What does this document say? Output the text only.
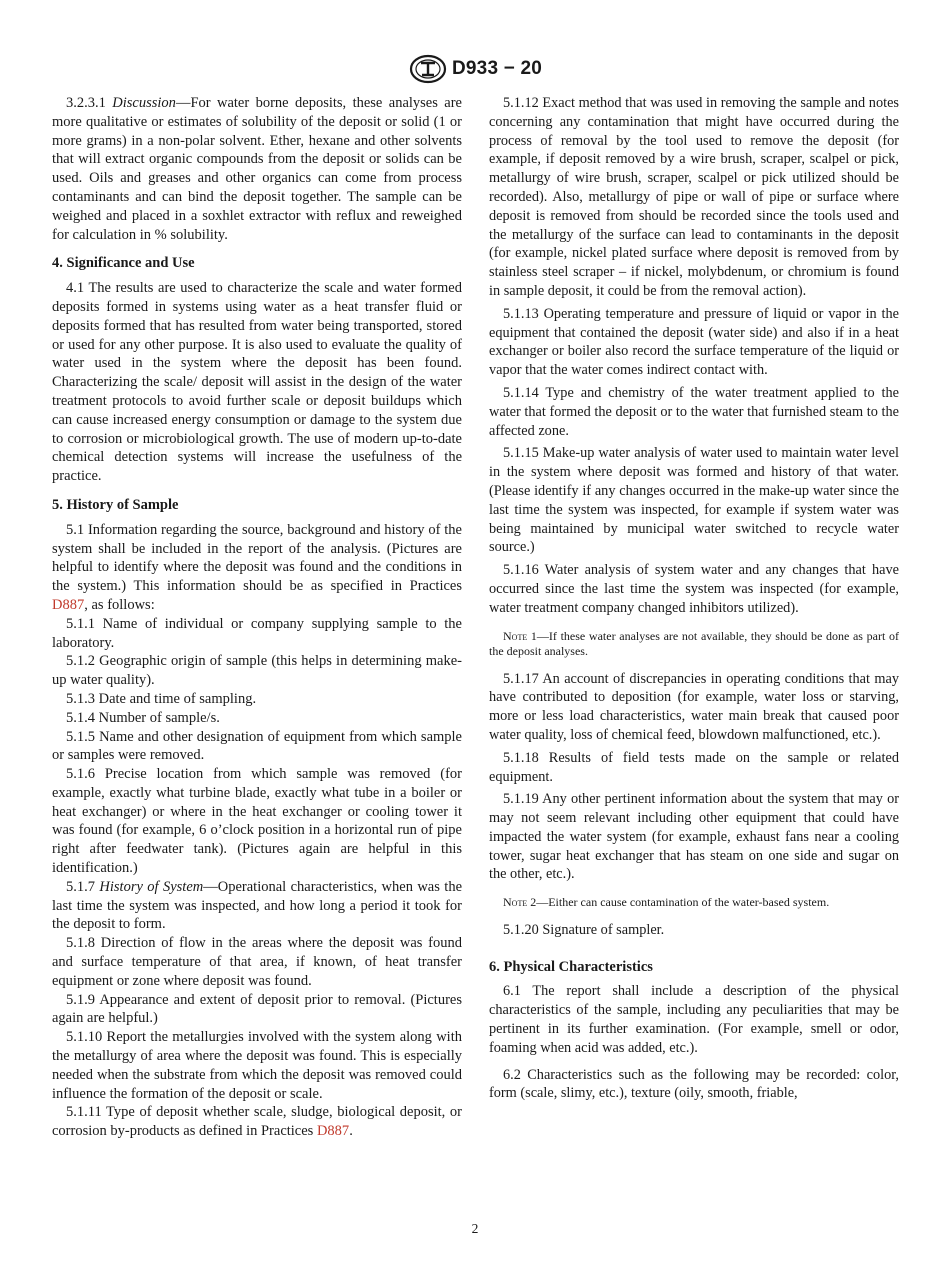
D933 − 20

3.2.3.1 Discussion—For water borne deposits, these analyses are more qualitative or estimates of solubility of the deposit or solid (1 or more grams) in a non-polar solvent. Ether, hexane and other solvents that will extract organic compounds from the deposit or solids can be used. Oils and greases and other organics can come from process contaminants and can bind the deposit together. The sample can be weighed and placed in a soxhlet extractor with reflux and reweighed for calculation in % solubility.

4. Significance and Use

4.1 The results are used to characterize the scale and water formed deposits formed in systems using water as a heat transfer fluid or deposits formed that has resulted from water being transported, stored or used for any other purpose. It is also used to evaluate the quality of water used in the system where the deposit has been found. Characterizing the scale/ deposit will assist in the design of the water treatment protocols to avoid further scale or deposit buildups which can cause increased energy consumption or damage to the system due to corrosion or microbiological growth. The use of modern up-to-date chemical detection systems will increase the usefulness of the practice.

5. History of Sample

5.1 Information regarding the source, background and history of the system shall be included in the report of the analysis. (Pictures are helpful to identify where the deposit was found and the conditions in the system.) This information should be as specified in Practices D887, as follows:

5.1.1 Name of individual or company supplying sample to the laboratory.

5.1.2 Geographic origin of sample (this helps in determining make-up water quality).

5.1.3 Date and time of sampling.

5.1.4 Number of sample/s.

5.1.5 Name and other designation of equipment from which sample or samples were removed.

5.1.6 Precise location from which sample was removed (for example, exactly what turbine blade, exactly what tube in a boiler or heat exchanger) or where in the heat exchanger or cooling tower it was found (for example, 6 o’clock position in a horizontal run of pipe right after feedwater tank). (Pictures again are helpful in this identification.)

5.1.7 History of System—Operational characteristics, when was the last time the system was inspected, and how long a period it took for the deposit to form.

5.1.8 Direction of flow in the areas where the deposit was found and surface temperature of that area, if known, of heat transfer equipment or zone where deposit was found.

5.1.9 Appearance and extent of deposit prior to removal. (Pictures again are helpful.)

5.1.10 Report the metallurgies involved with the system along with the metallurgy of area where the deposit was found. This is especially needed when the substrate from which the deposit was removed could influence the formation of the deposit or scale.

5.1.11 Type of deposit whether scale, sludge, biological deposit, or corrosion by-products as defined in Practices D887.

5.1.12 Exact method that was used in removing the sample and notes concerning any contamination that might have occurred during the process of removal by the tool used to remove the deposit (for example, if deposit removed by a wire brush, scraper, scalpel or pick, metallurgy of wire brush, scraper, scalpel or pick utilized should be recorded). Also, metallurgy of pipe or wall of pipe or surface where deposit is removed from should be recorded since the tools used and the metallurgy of the surface can lead to contaminants in the deposit (for example, nickel plated surface where deposit is removed from by stainless steel scraper – if nickel, molybdenum, or chromium is found in sample deposit, it could be from the removal action).

5.1.13 Operating temperature and pressure of liquid or vapor in the equipment that contained the deposit (water side) and also if in a heat exchanger or boiler also record the surface temperature of the liquid or vapor that the water comes indirect contact with.

5.1.14 Type and chemistry of the water treatment applied to the water that formed the deposit or to the water that furnished steam to the affected zone.

5.1.15 Make-up water analysis of water used to maintain water level in the system where deposit was formed and history of that water. (Please identify if any changes occurred in the make-up water since the last time the system was inspected, for example if system water was being maintained by municipal water switched to recycle water source.)

5.1.16 Water analysis of system water and any changes that have occurred since the last time the system was inspected (for example, water treatment company changed inhibitors utilized).

Note 1—If these water analyses are not available, they should be done as part of the deposit analyses.

5.1.17 An account of discrepancies in operating conditions that may have contributed to deposition (for example, water loss or starving, more or less load characteristics, water main break that caused poor water quality, loss of chemical feed, blowdown malfunctioned, etc.).

5.1.18 Results of field tests made on the sample or related equipment.

5.1.19 Any other pertinent information about the system that may or may not seem relevant including other equipment that could have impacted the water system (for example, exhaust fans near a cooling tower, sugar heat exchanger that has steam on one side and sugar on the other, etc.).

Note 2—Either can cause contamination of the water-based system.

5.1.20 Signature of sampler.

6. Physical Characteristics

6.1 The report shall include a description of the physical characteristics of the sample, including any peculiarities that may be pertinent in its further examination. (For example, smell or odor, foaming when acid was added, etc.).

6.2 Characteristics such as the following may be recorded: color, form (scale, slimy, etc.), texture (oily, smooth, friable,

2
